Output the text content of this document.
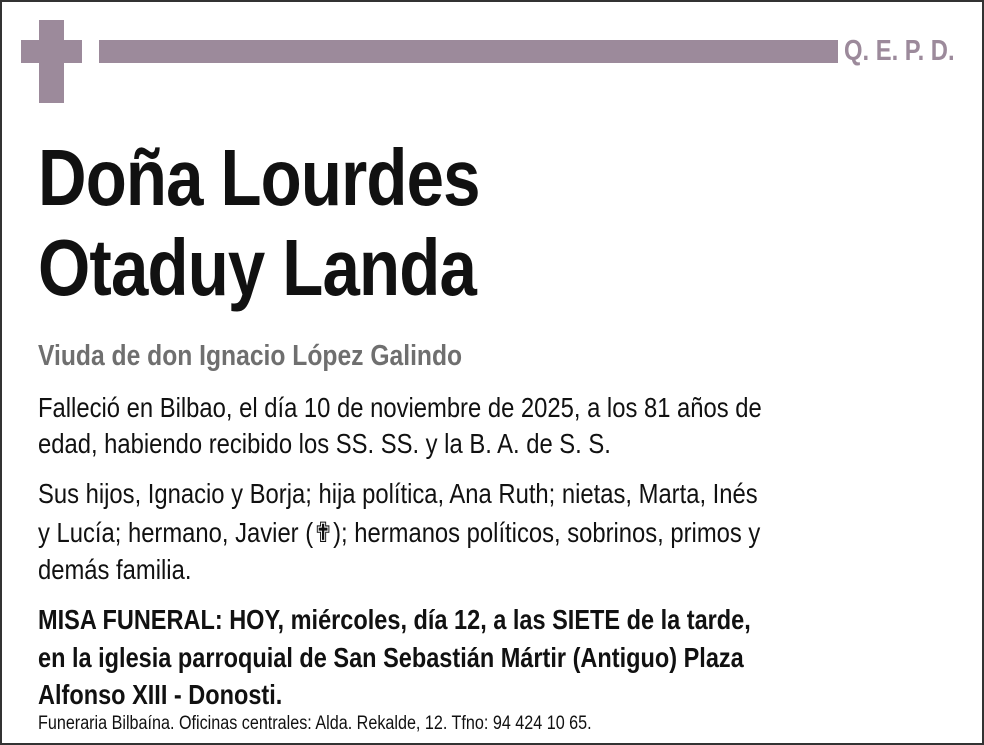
Q. E. P. D.
Doña Lourdes
Otaduy Landa
Viuda de don Ignacio López Galindo
Falleció en Bilbao, el día 10 de noviembre de 2025, a los 81 años de
edad, habiendo recibido los SS. SS. y la B. A. de S. S.
Sus hijos, Ignacio y Borja; hija política, Ana Ruth; nietas, Marta, Inés
y Lucía; hermano, Javier (✟); hermanos políticos, sobrinos, primos y
demás familia.
MISA FUNERAL: HOY, miércoles, día 12, a las SIETE de la tarde,
en la iglesia parroquial de San Sebastián Mártir (Antiguo) Plaza
Alfonso XIII - Donosti.
Funeraria Bilbaína. Oficinas centrales: Alda. Rekalde, 12. Tfno: 94 424 10 65.
